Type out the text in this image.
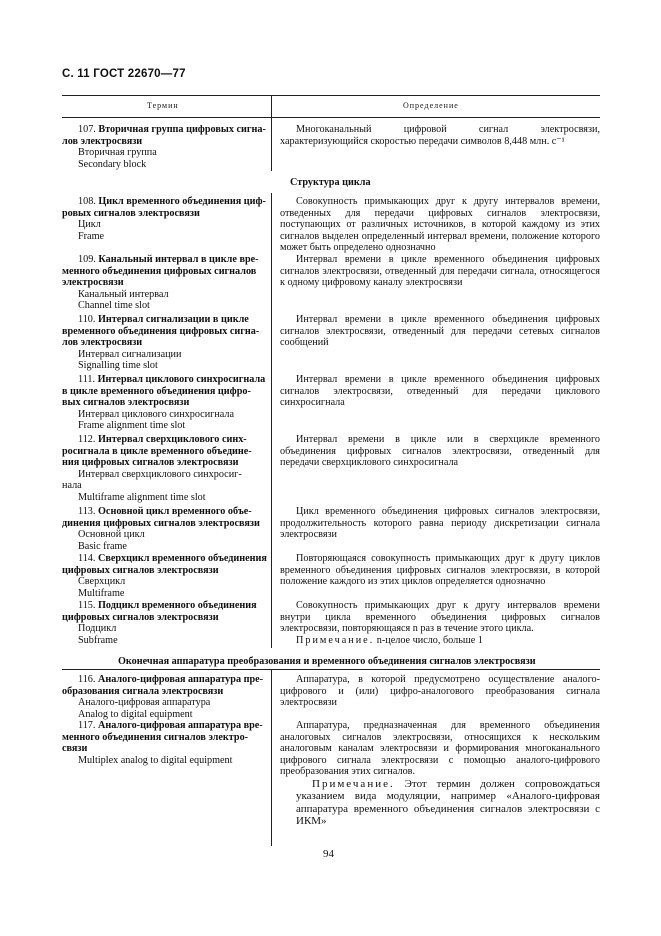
С. 11 ГОСТ 22670—77
Термин	Определение
107. Вторичная группа цифровых сигна-
лов электросвязи
Вторичная группа
Secondary block
Многоканальный цифровой сигнал электросвязи, характеризующийся скоростью передачи символов 8,448 млн. с⁻¹
Структура цикла
108. Цикл временного объединения циф-
ровых сигналов электросвязи
Цикл
Frame
Совокупность примыкающих друг к другу интервалов времени, отведенных для передачи цифровых сигналов электросвязи, поступающих от различных источников, в которой каждому из этих сигналов выделен определенный интервал времени, положение которого может быть определено однозначно
109. Канальный интервал в цикле вре-
менного объединения цифровых сигналов
электросвязи
Канальный интервал
Channel time slot
Интервал времени в цикле временного объединения цифровых сигналов электросвязи, отведенный для передачи сигнала, относящегося к одному цифровому каналу электросвязи
110. Интервал сигнализации в цикле
временного объединения цифровых сигна-
лов электросвязи
Интервал сигнализации
Signalling time slot
Интервал времени в цикле временного объединения цифровых сигналов электросвязи, отведенный для передачи сетевых сигналов сообщений
111. Интервал циклового синхросигнала
в цикле временного объединения цифро-
вых сигналов электросвязи
Интервал циклового синхросигнала
Frame alignment time slot
Интервал времени в цикле временного объединения цифровых сигналов электросвязи, отведенный для передачи циклового синхросигнала
112. Интервал сверхциклового синх-
росигнала в цикле временного объедине-
ния цифровых сигналов электросвязи
Интервал сверхциклового синхросиг-
нала
Multiframe alignment time slot
Интервал времени в цикле или в сверхцикле временного объединения цифровых сигналов электросвязи, отведенный для передачи сверхциклового синхросигнала
113. Основной цикл временного объе-
динения цифровых сигналов электросвязи
Основной цикл
Basic frame
Цикл временного объединения цифровых сигналов электросвязи, продолжительность которого равна периоду дискретизации сигнала электросвязи
114. Сверхцикл временного объединения
цифровых сигналов электросвязи
Сверхцикл
Multiframe
Повторяющаяся совокупность примыкающих друг к другу циклов временного объединения цифровых сигналов электросвязи, в которой положение каждого из этих циклов определяется однозначно
115. Подцикл временного объединения
цифровых сигналов электросвязи
Подцикл
Subframe
Совокупность примыкающих друг к другу интервалов времени внутри цикла временного объединения цифровых сигналов электросвязи, повторяющаяся n раз в течение этого цикла.
Примечание. n-целое число, больше 1
Оконечная аппаратура преобразования и временного объединения сигналов электросвязи
116. Аналого-цифровая аппаратура пре-
образования сигнала электросвязи
Аналого-цифровая аппаратура
Analog to digital equipment
Аппаратура, в которой предусмотрено осуществление аналого-цифрового и (или) цифро-аналогового преобразования сигнала электросвязи
117. Аналого-цифровая аппаратура вре-
менного объединения сигналов электро-
связи
Multiplex analog to digital equipment
Аппаратура, предназначенная для временного объединения аналоговых сигналов электросвязи, относящихся к нескольким аналоговым каналам электросвязи и формирования многоканального цифрового сигнала электросвязи с помощью аналого-цифрового преобразования этих сигналов.
Примечание. Этот термин должен сопровождаться указанием вида модуляции, например «Аналого-цифровая аппаратура временного объединения сигналов электросвязи с ИКМ»
94
